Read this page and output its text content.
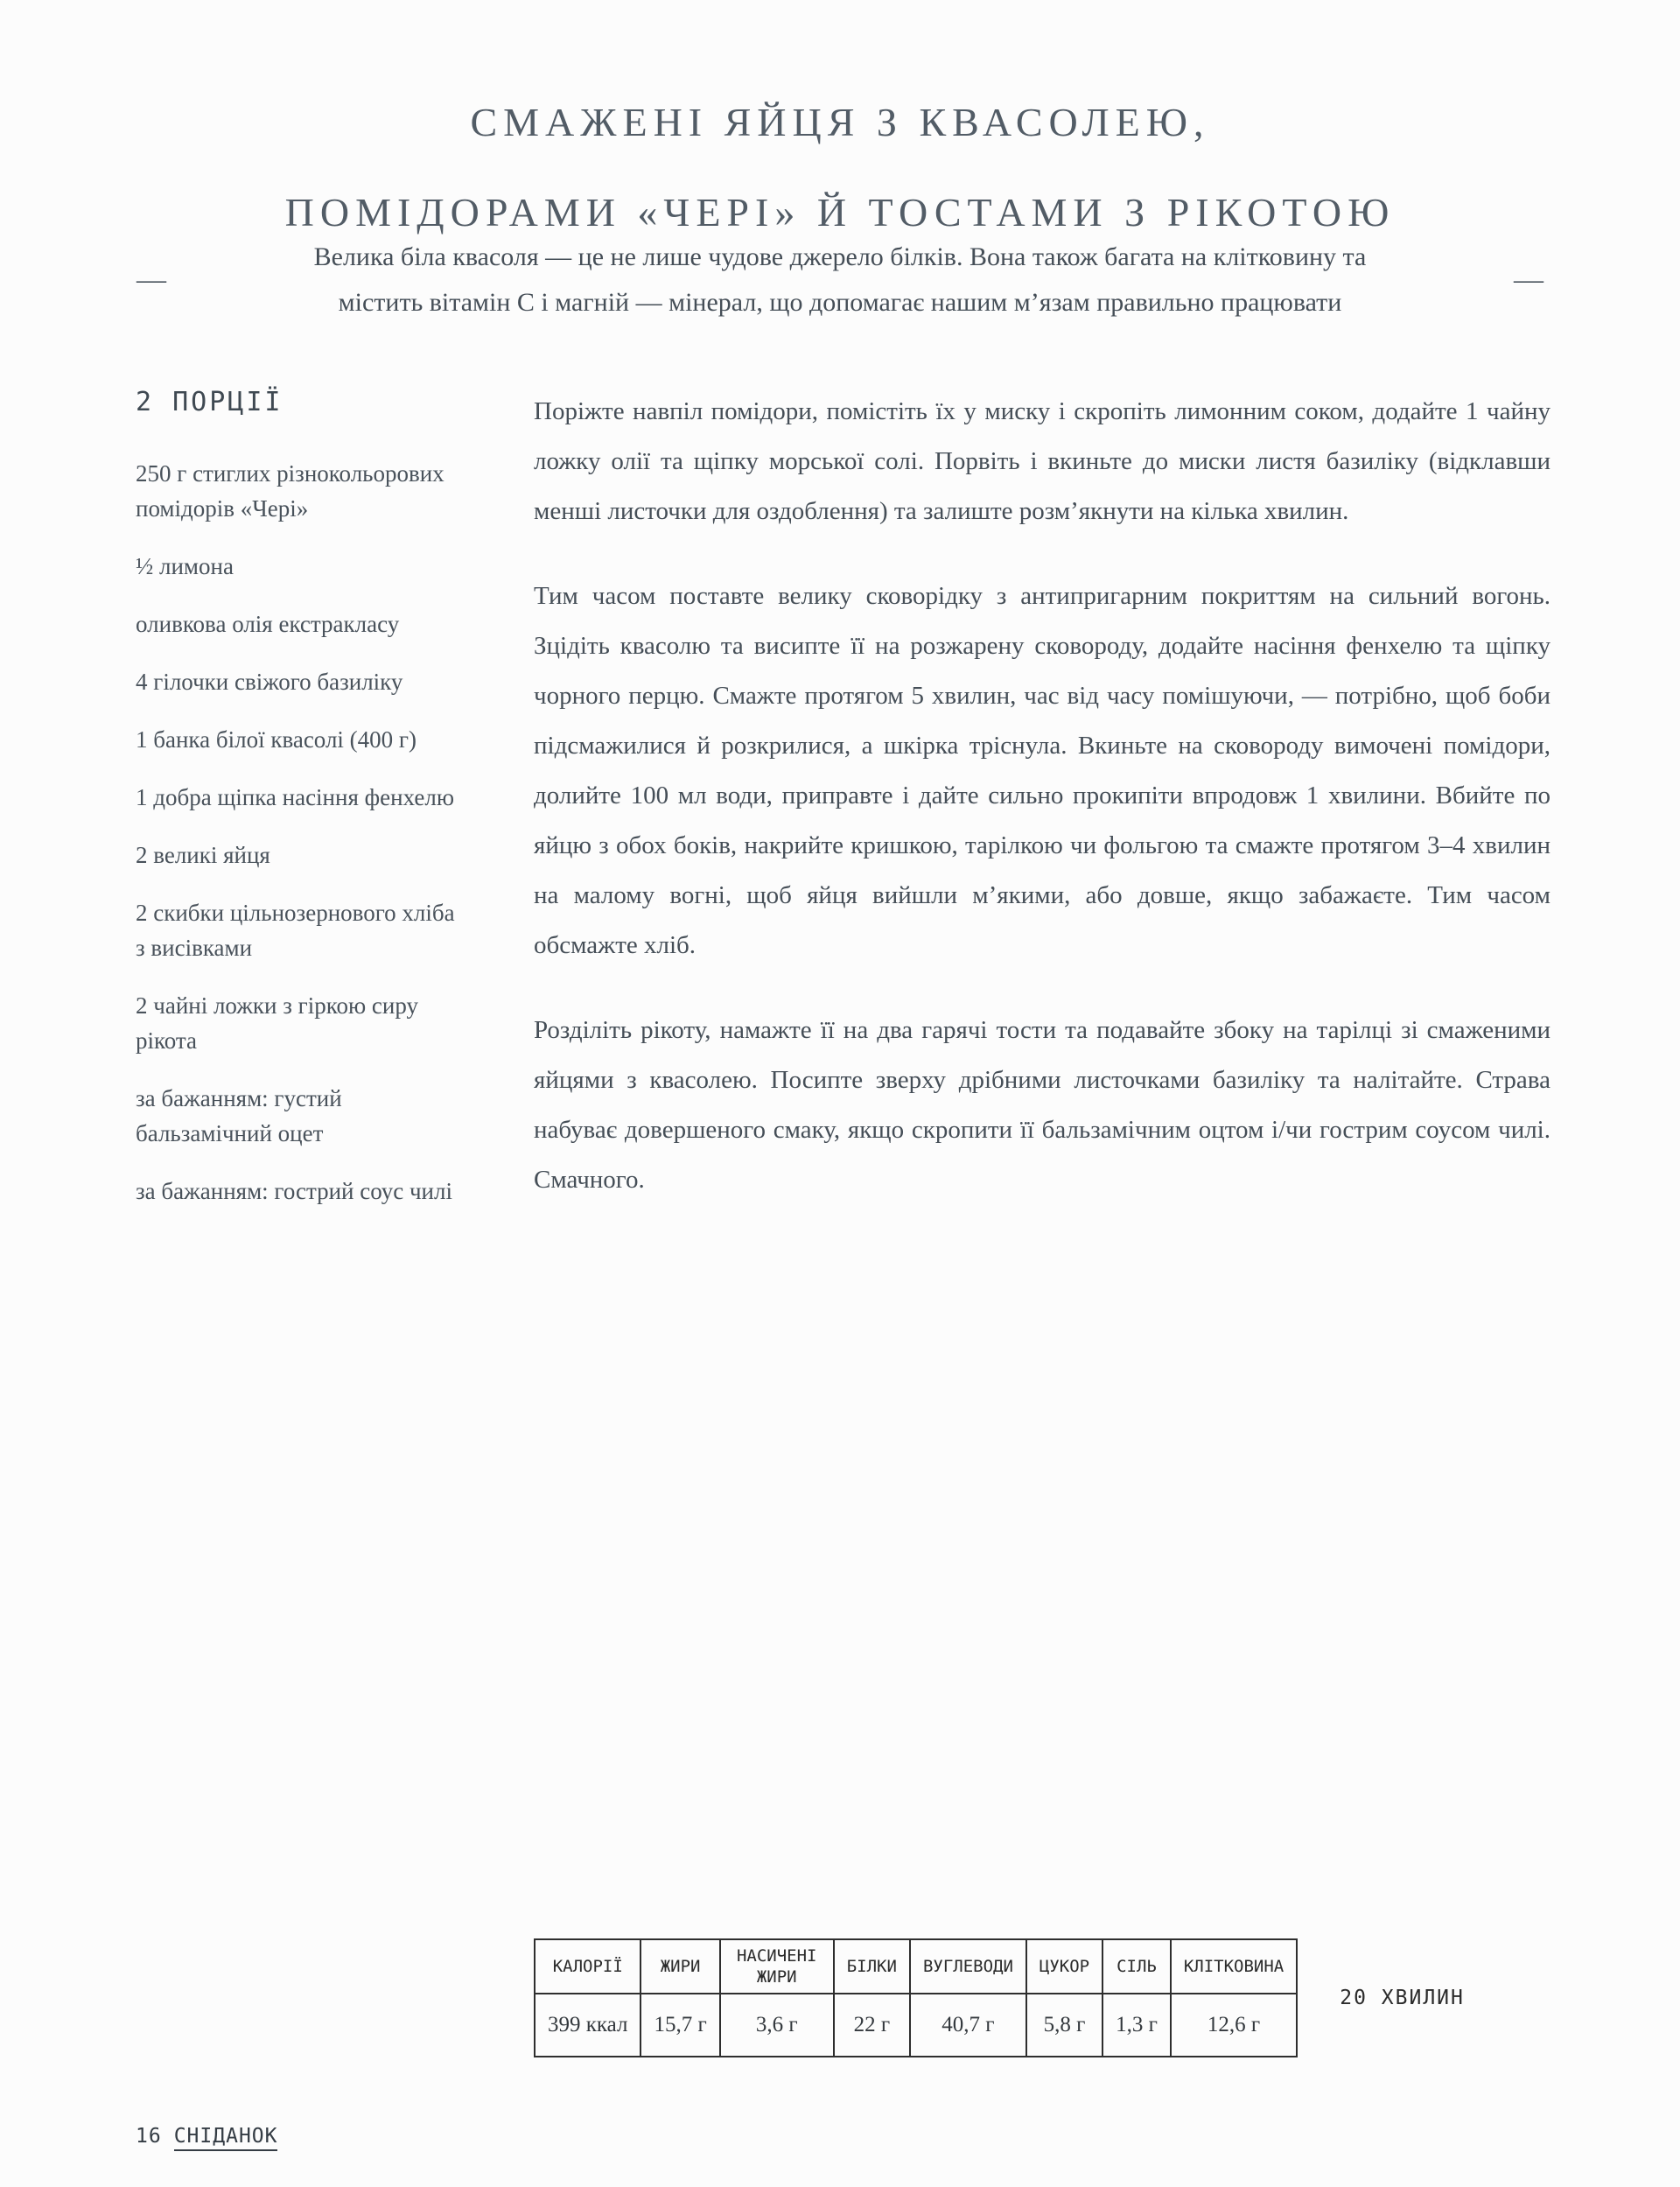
СМАЖЕНІ ЯЙЦЯ З КВАСОЛЕЮ,
ПОМІДОРАМИ «ЧЕРІ» Й ТОСТАМИ З РІКОТОЮ
—
Велика біла квасоля — це не лише чудове джерело білків. Вона також багата на клітковину та містить вітамін C і магній — мінерал, що допомагає нашим м’язам правильно працювати
—
2 ПОРЦІЇ
250 г стиглих різнокольорових помідорів «Чері»
½ лимона
оливкова олія екстракласу
4 гілочки свіжого базиліку
1 банка білої квасолі (400 г)
1 добра щіпка насіння фенхелю
2 великі яйця
2 скибки цільнозернового хліба з висівками
2 чайні ложки з гіркою сиру рікота
за бажанням: густий бальзамічний оцет
за бажанням: гострий соус чилі

Поріжте навпіл помідори, помістіть їх у миску і скропіть лимонним соком, додайте 1 чайну ложку олії та щіпку морської солі. Порвіть і вкиньте до миски листя базиліку (відклавши менші листочки для оздоблення) та залиште розм’якнути на кілька хвилин.

Тим часом поставте велику сковорідку з антипригарним покриттям на сильний вогонь. Зцідіть квасолю та висипте її на розжарену сковороду, додайте насіння фенхелю та щіпку чорного перцю. Смажте протягом 5 хвилин, час від часу помішуючи, — потрібно, щоб боби підсмажилися й розкрилися, а шкірка тріснула. Вкиньте на сковороду вимочені помідори, долийте 100 мл води, приправте і дайте сильно прокипіти впродовж 1 хвилини. Вбийте по яйцю з обох боків, накрийте кришкою, тарілкою чи фольгою та смажте протягом 3–4 хвилин на малому вогні, щоб яйця вийшли м’якими, або довше, якщо забажаєте. Тим часом обсмажте хліб.

Розділіть рікоту, намажте її на два гарячі тости та подавайте збоку на тарілці зі смаженими яйцями з квасолею. Посипте зверху дрібними листочками базиліку та налітайте. Страва набуває довершеного смаку, якщо скропити її бальзамічним оцтом і/чи гострим соусом чилі. Смачного.

КАЛОРІЇ	ЖИРИ	НАСИЧЕНІ ЖИРИ	БІЛКИ	ВУГЛЕВОДИ	ЦУКОР	СІЛЬ	КЛІТКОВИНА
399 ккал	15,7 г	3,6 г	22 г	40,7 г	5,8 г	1,3 г	12,6 г
20 ХВИЛИН
16 СНІДАНОК
